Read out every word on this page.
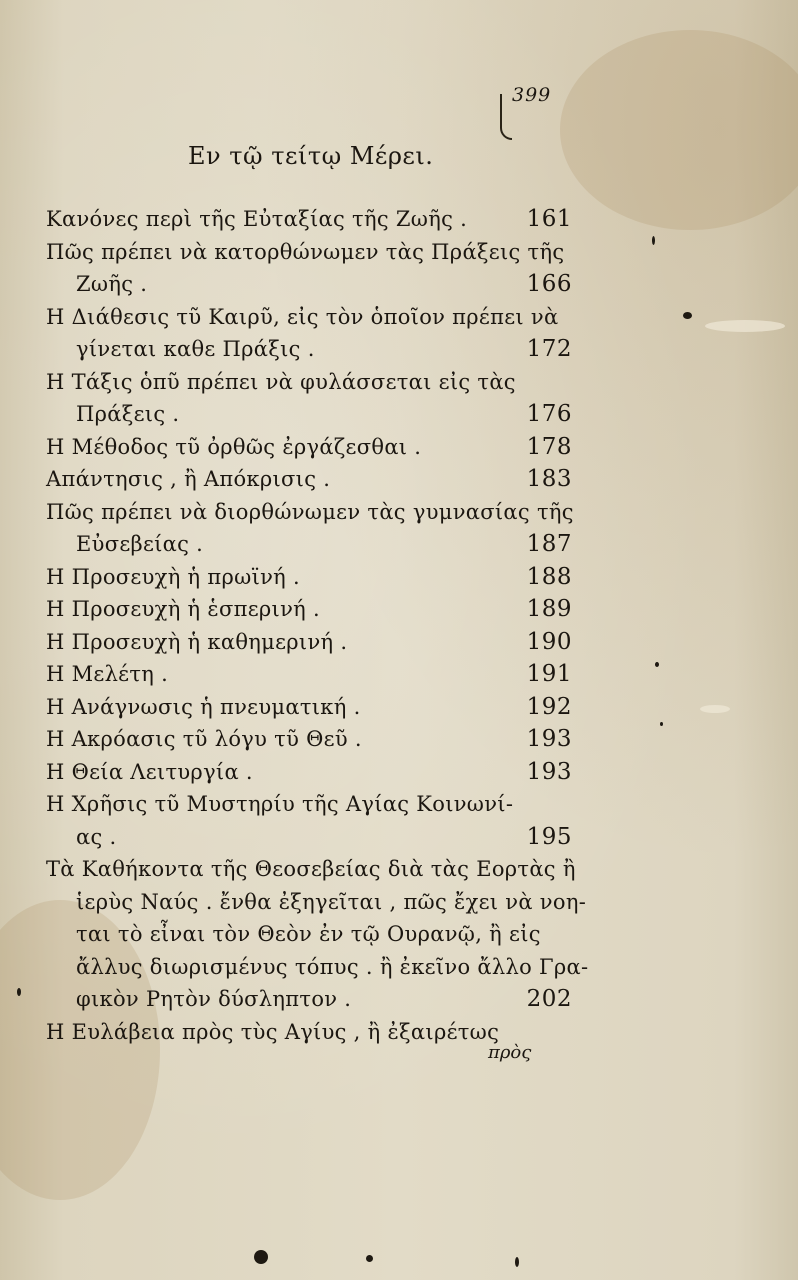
399
Εν τῷ τείτῳ Μέρει.
Κανόνες περὶ τῆς Εὐταξίας τῆς Ζωῆς .	161
Πῶς πρέπει νὰ κατορθώνωμεν τὰς Πράξεις τῆς
Ζωῆς .	166
Η Διάθεσις τῦ Καιρῦ, εἰς τὸν ὁποῖον πρέπει νὰ
γίνεται καθε Πράξις .	172
Η Τάξις ὁπῦ πρέπει νὰ φυλάσσεται εἰς τὰς
Πράξεις .	176
Η Μέθοδος τῦ ὀρθῶς ἐργάζεσθαι .	178
Απάντησις , ἢ Απόκρισις .	183
Πῶς πρέπει νὰ διορθώνωμεν τὰς γυμνασίας τῆς
Εὐσεβείας .	187
Η Προσευχὴ ἡ πρωϊνή .	188
Η Προσευχὴ ἡ ἑσπερινή .	189
Η Προσευχὴ ἡ καθημερινή .	190
Η Μελέτη .	191
Η Ανάγνωσις ἡ πνευματική .	192
Η Ακρόασις τῦ λόγυ τῦ Θεῦ .	193
Η Θεία Λειτυργία .	193
Η Χρῆσις τῦ Μυστηρίυ τῆς Αγίας Κοινωνί-
ας .	195
Τὰ Καθήκοντα τῆς Θεοσεβείας διὰ τὰς Εορτὰς ἢ
ἱερὺς Ναύς . ἔνθα ἐξηγεῖται , πῶς ἔχει νὰ νοη-
ται τὸ εἶναι τὸν Θεὸν ἐν τῷ Ουρανῷ, ἢ εἰς
ἄλλυς διωρισμένυς τόπυς . ἢ ἐκεῖνο ἄλλο Γρα-
φικὸν Ρητὸν δύσληπτον .	202
Η Ευλάβεια πρὸς τὺς Αγίυς , ἢ ἐξαιρέτως
πρὸς
